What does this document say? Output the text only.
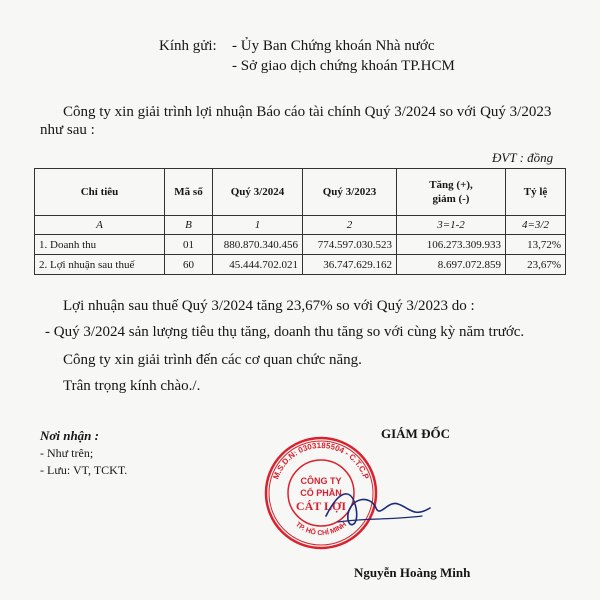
Kính gửi: - Ủy Ban Chứng khoán Nhà nước
- Sở giao dịch chứng khoán TP.HCM
Công ty xin giải trình lợi nhuận Báo cáo tài chính Quý 3/2024 so với Quý 3/2023
như sau :
ĐVT : đồng
Chỉ tiêu	Mã số	Quý 3/2024	Quý 3/2023	Tăng (+),
giảm (-)	Tỷ lệ
A	B	1	2	3=1-2	4=3/2
1. Doanh thu	01	880.870.340.456	774.597.030.523	106.273.309.933	13,72%
2. Lợi nhuận sau thuế	60	45.444.702.021	36.747.629.162	8.697.072.859	23,67%
Lợi nhuận sau thuế Quý 3/2024 tăng 23,67% so với Quý 3/2023 do :
- Quý 3/2024 sản lượng tiêu thụ tăng, doanh thu tăng so với cùng kỳ năm trước.
Công ty xin giải trình đến các cơ quan chức năng.
Trân trọng kính chào./.
Nơi nhận :
- Như trên;
- Lưu: VT, TCKT.
GIÁM ĐỐC
M.S.D.N: 0303185504 - C.T.C.P
TP. HỒ CHÍ MINH
CÔNG TY
CỔ PHẦN
CÁT LỢI
Nguyễn Hoàng Minh
